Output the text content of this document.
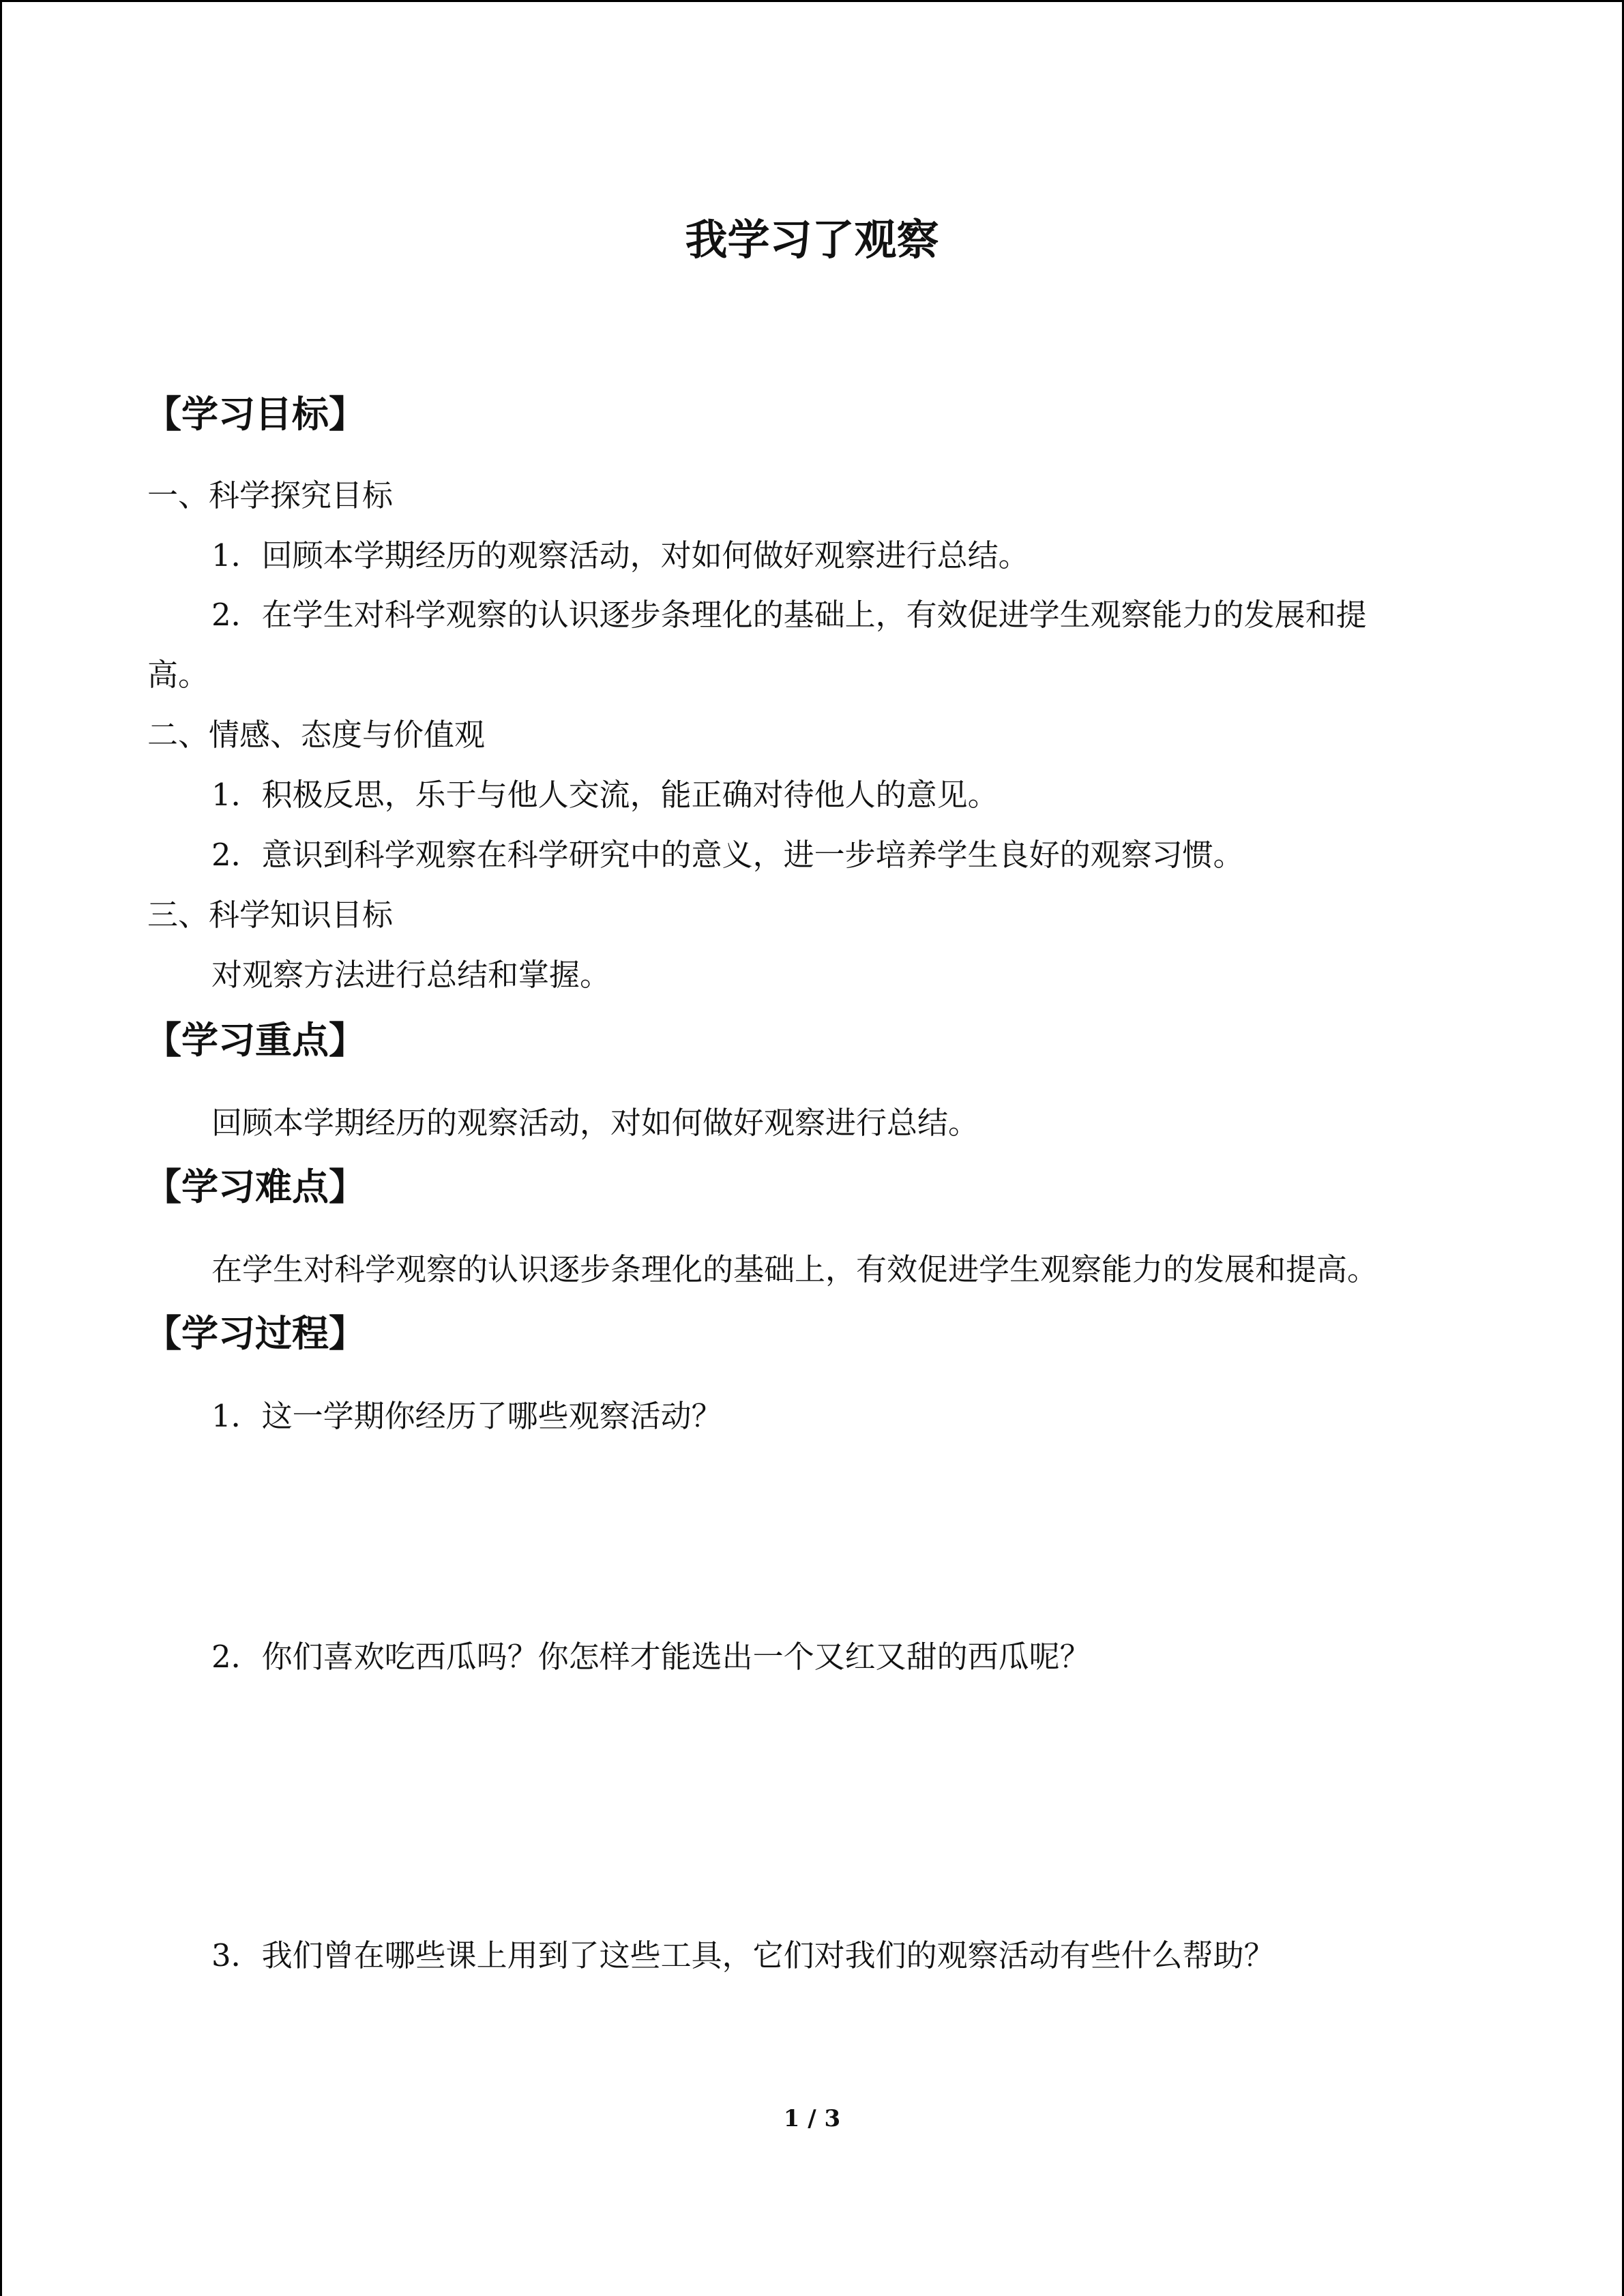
我学习了观察
【学习目标】

一、科学探究目标

1．回顾本学期经历的观察活动，对如何做好观察进行总结。

2．在学生对科学观察的认识逐步条理化的基础上，有效促进学生观察能力的发展和提

高。

二、情感、态度与价值观

1．积极反思，乐于与他人交流，能正确对待他人的意见。

2．意识到科学观察在科学研究中的意义，进一步培养学生良好的观察习惯。

三、科学知识目标

对观察方法进行总结和掌握。

【学习重点】

回顾本学期经历的观察活动，对如何做好观察进行总结。

【学习难点】

在学生对科学观察的认识逐步条理化的基础上，有效促进学生观察能力的发展和提高。

【学习过程】

1．这一学期你经历了哪些观察活动？

2．你们喜欢吃西瓜吗？你怎样才能选出一个又红又甜的西瓜呢？

3．我们曾在哪些课上用到了这些工具，它们对我们的观察活动有些什么帮助？

1 / 3
